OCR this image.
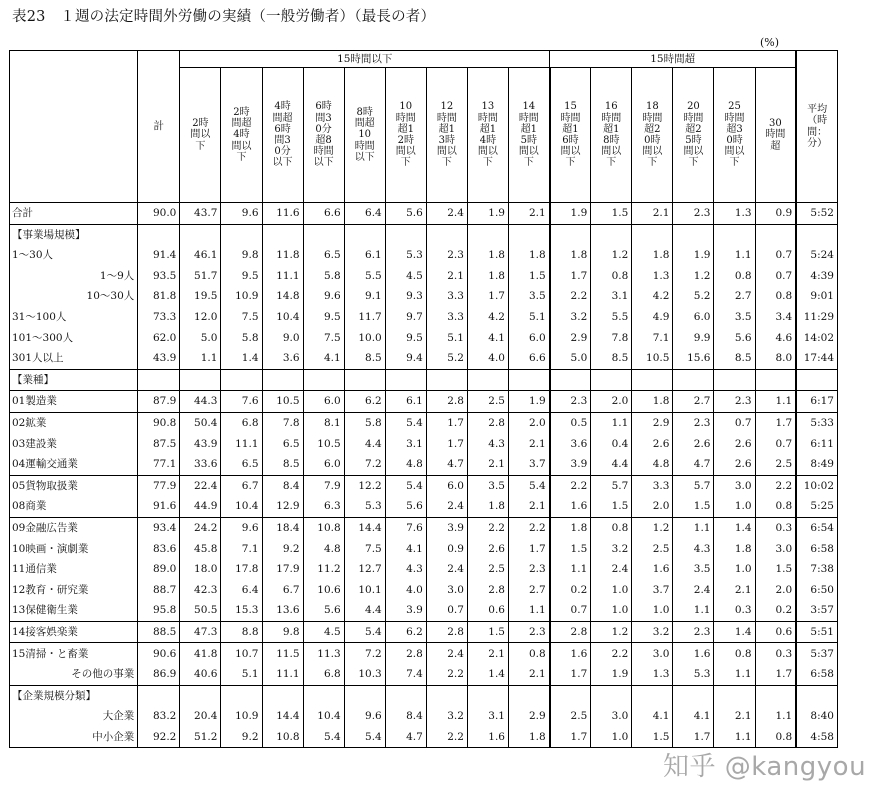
表23　１週の法定時間外労働の実績（一般労働者）（最長の者）
(%)
	計	15時間以下									15時間超						平均（時間：分）
		2時間以下	2時間超4時間以下	4時間超6時間30分以下	6時間30分超8時間以下	8時間超10時間以下	10時間超12時間以下	12時間超13時間以下	13時間超14時間以下	14時間超15時間以下	15時間超16時間以下	16時間超18時間以下	18時間超20時間以下	20時間超25時間以下	25時間超30時間以下	30時間超	
合計	90.0	43.7	9.6	11.6	6.6	6.4	5.6	2.4	1.9	2.1	1.9	1.5	2.1	2.3	1.3	0.9	5:52
【事業場規模】																	
1～30人	91.4	46.1	9.8	11.8	6.5	6.1	5.3	2.3	1.8	1.8	1.8	1.2	1.8	1.9	1.1	0.7	5:24
1～9人	93.5	51.7	9.5	11.1	5.8	5.5	4.5	2.1	1.8	1.5	1.7	0.8	1.3	1.2	0.8	0.7	4:39
10～30人	81.8	19.5	10.9	14.8	9.6	9.1	9.3	3.3	1.7	3.5	2.2	3.1	4.2	5.2	2.7	0.8	9:01
31～100人	73.3	12.0	7.5	10.4	9.5	11.7	9.7	3.3	4.2	5.1	3.2	5.5	4.9	6.0	3.5	3.4	11:29
101～300人	62.0	5.0	5.8	9.0	7.5	10.0	9.5	5.1	4.1	6.0	2.9	7.8	7.1	9.9	5.6	4.6	14:02
301人以上	43.9	1.1	1.4	3.6	4.1	8.5	9.4	5.2	4.0	6.6	5.0	8.5	10.5	15.6	8.5	8.0	17:44
【業種】																	
01製造業	87.9	44.3	7.6	10.5	6.0	6.2	6.1	2.8	2.5	1.9	2.3	2.0	1.8	2.7	2.3	1.1	6:17
02鉱業	90.8	50.4	6.8	7.8	8.1	5.8	5.4	1.7	2.8	2.0	0.5	1.1	2.9	2.3	0.7	1.7	5:33
03建設業	87.5	43.9	11.1	6.5	10.5	4.4	3.1	1.7	4.3	2.1	3.6	0.4	2.6	2.6	2.6	0.7	6:11
04運輸交通業	77.1	33.6	6.5	8.5	6.0	7.2	4.8	4.7	2.1	3.7	3.9	4.4	4.8	4.7	2.6	2.5	8:49
05貨物取扱業	77.9	22.4	6.7	8.4	7.9	12.2	5.4	6.0	3.5	5.4	2.2	5.7	3.3	5.7	3.0	2.2	10:02
08商業	91.6	44.9	10.4	12.9	6.3	5.3	5.6	2.4	1.8	2.1	1.6	1.5	2.0	1.5	1.0	0.8	5:25
09金融広告業	93.4	24.2	9.6	18.4	10.8	14.4	7.6	3.9	2.2	2.2	1.8	0.8	1.2	1.1	1.4	0.3	6:54
10映画・演劇業	83.6	45.8	7.1	9.2	4.8	7.5	4.1	0.9	2.6	1.7	1.5	3.2	2.5	4.3	1.8	3.0	6:58
11通信業	89.0	18.0	17.8	17.9	11.2	12.7	4.3	2.4	2.5	2.3	1.1	2.4	1.6	3.5	1.0	1.5	7:38
12教育・研究業	88.7	42.3	6.4	6.7	10.6	10.1	4.0	3.0	2.8	2.7	0.2	1.0	3.7	2.4	2.1	2.0	6:50
13保健衛生業	95.8	50.5	15.3	13.6	5.6	4.4	3.9	0.7	0.6	1.1	0.7	1.0	1.0	1.1	0.3	0.2	3:57
14接客娯楽業	88.5	47.3	8.8	9.8	4.5	5.4	6.2	2.8	1.5	2.3	2.8	1.2	3.2	2.3	1.4	0.6	5:51
15清掃・と畜業	90.6	41.8	10.7	11.5	11.3	7.2	2.8	2.4	2.1	0.8	1.6	2.2	3.0	1.6	0.8	0.3	5:37
その他の事業	86.9	40.6	5.1	11.1	6.8	10.3	7.4	2.2	1.4	2.1	1.7	1.9	1.3	5.3	1.1	1.7	6:58
【企業規模分類】																	
大企業	83.2	20.4	10.9	14.4	10.4	9.6	8.4	3.2	3.1	2.9	2.5	3.0	4.1	4.1	2.1	1.1	8:40
中小企業	92.2	51.2	9.2	10.8	5.4	5.4	4.7	2.2	1.6	1.8	1.7	1.0	1.5	1.7	1.1	0.8	4:58
知乎 @kangyou
